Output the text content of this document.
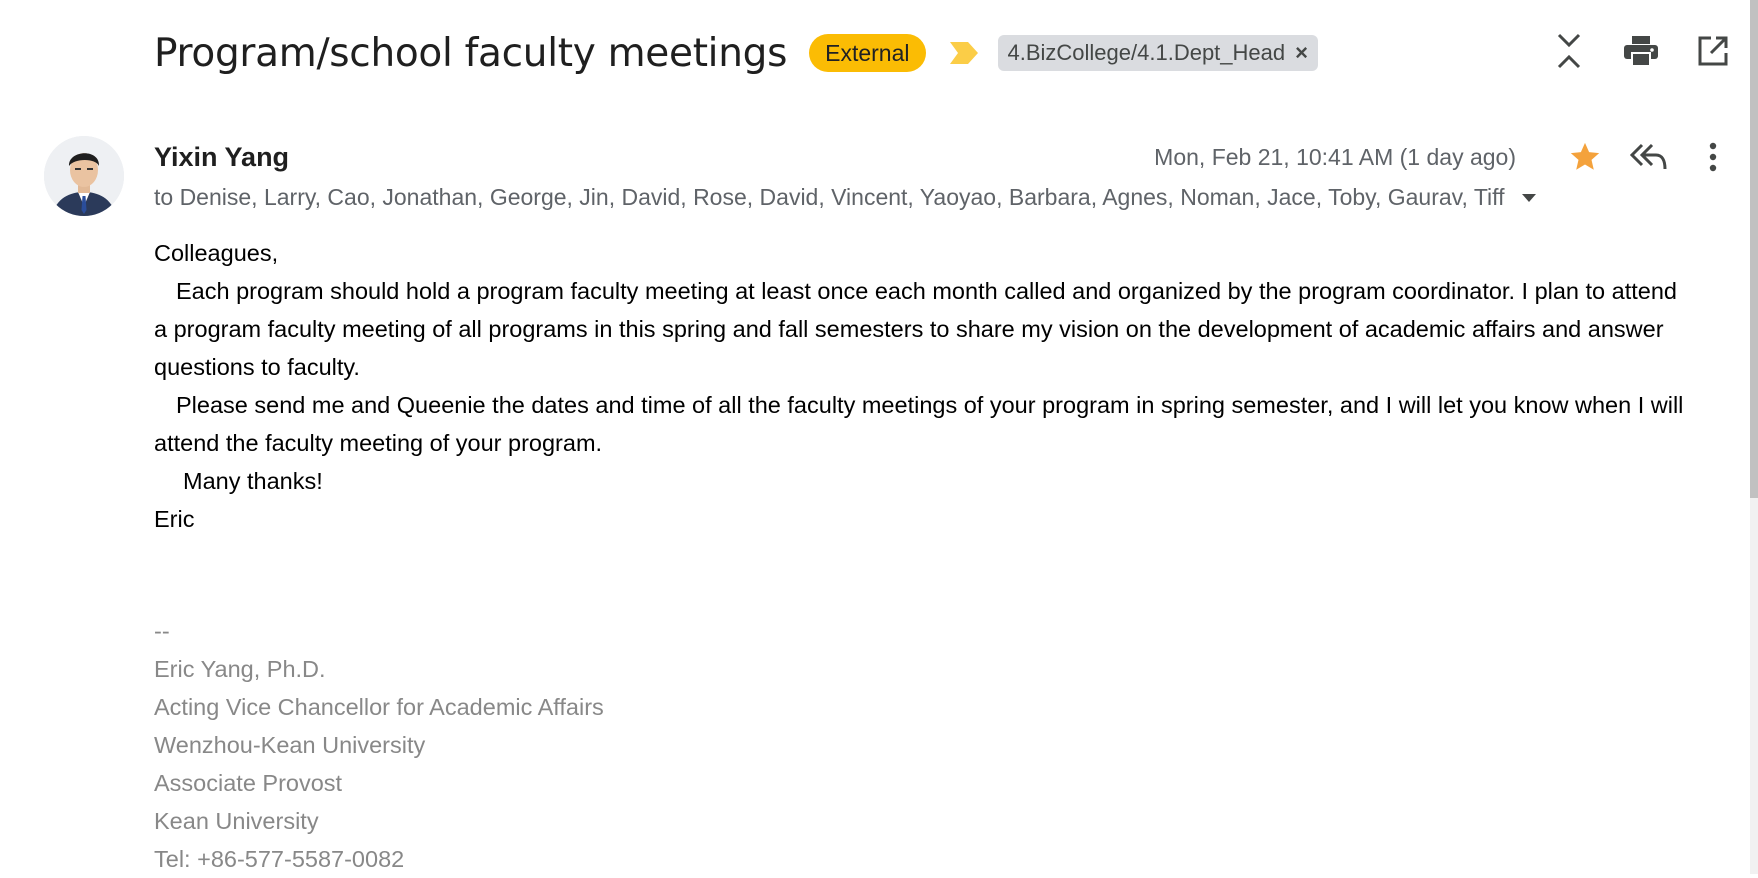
Program/school faculty meetings	External	4.BizCollege/4.1.Dept_Head ×
Yixin Yang
to Denise, Larry, Cao, Jonathan, George, Jin, David, Rose, David, Vincent, Yaoyao, Barbara, Agnes, Noman, Jace, Toby, Gaurav, Tiff
Mon, Feb 21, 10:41 AM (1 day ago)

Colleagues,

Each program should hold a program faculty meeting at least once each month called and organized by the program coordinator. I plan to attend a program faculty meeting of all programs in this spring and fall semesters to share my vision on the development of academic affairs and answer questions to faculty.

Please send me and Queenie the dates and time of all the faculty meetings of your program in spring semester, and I will let you know when I will attend the faculty meeting of your program.

Many thanks!

Eric

--
Eric Yang, Ph.D.
Acting Vice Chancellor for Academic Affairs
Wenzhou-Kean University
Associate Provost
Kean University
Tel: +86-577-5587-0082
